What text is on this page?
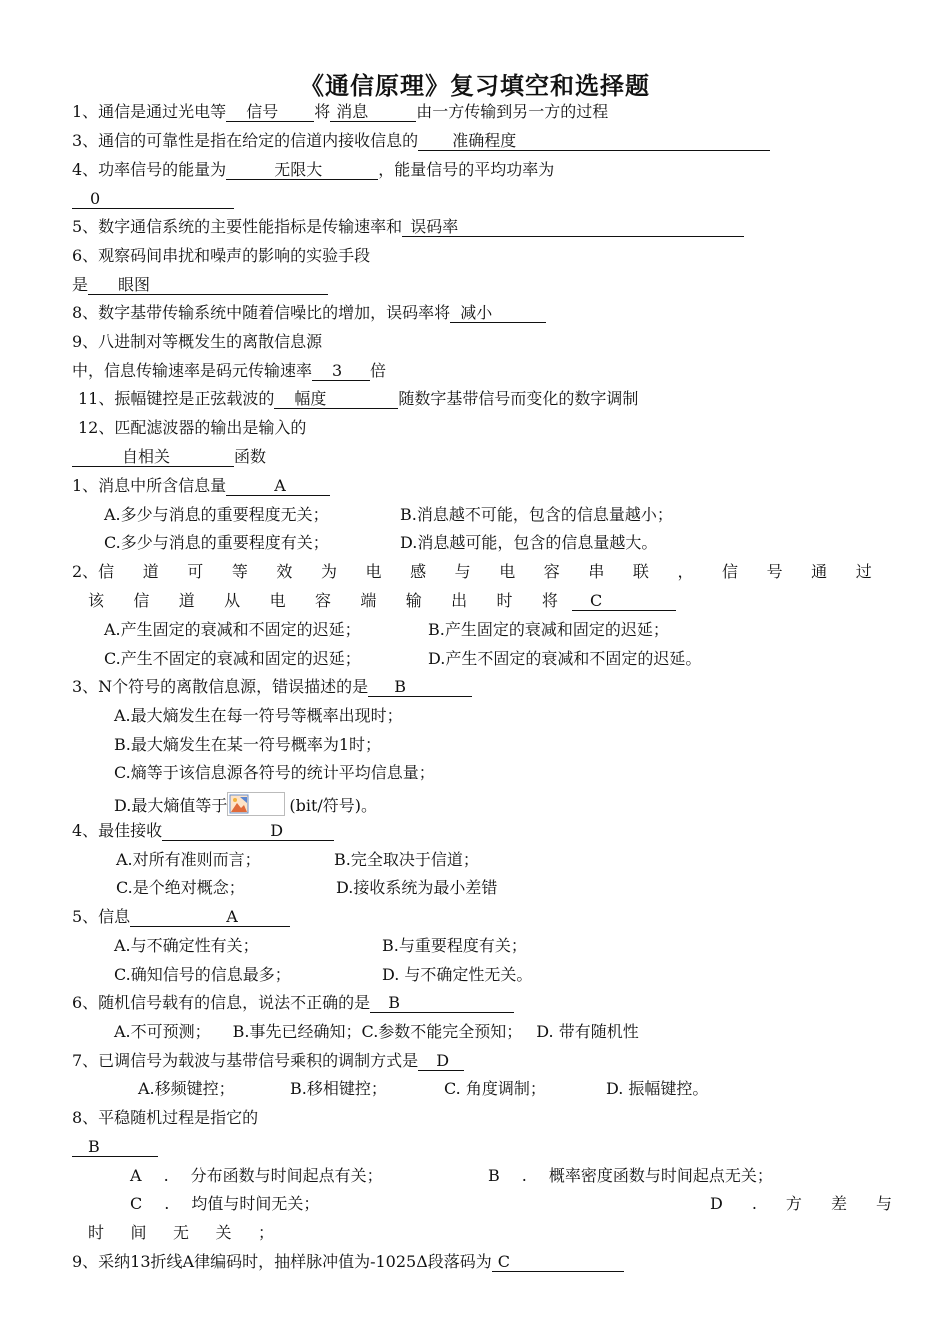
《通信原理》复习填空和选择题
1、通信是通过光电等 信号 将 消息	由一方传输到另一方的过程
3、通信的可靠性是指在给定的信道内接收信息的 准确程度
4、功率信号的能量为	无限大	，能量信号的平均功率为
0
5、数字通信系统的主要性能指标是传输速率和 误码率
6、观察码间串扰和噪声的影响的实验手段
是 眼图
8、数字基带传输系统中随着信噪比的增加，误码率将 减小
9、八进制对等概发生的离散信息源
中，信息传输速率是码元传输速率 3 倍
11、振幅键控是正弦载波的 幅度	随数字基带信号而变化的数字调制
12、匹配滤波器的输出是输入的
自相关	函数
1、消息中所含信息量	A
A.多少与消息的重要程度无关；	B.消息越不可能，包含的信息量越小；
C.多少与消息的重要程度有关；	D.消息越可能，包含的信息量越大。
2、信 道 可 等 效 为 电 感 与 电 容 串 联 ， 信 号 通 过
该 信 道 从 电 容 端 输 出 时 将 C
A.产生固定的衰减和不固定的迟延；	B.产生固定的衰减和固定的迟延；
C.产生不固定的衰减和固定的迟延；	D.产生不固定的衰减和不固定的迟延。
3、N个符号的离散信息源，错误描述的是 B
A.最大熵发生在每一符号等概率出现时；
B.最大熵发生在某一符号概率为1时；
C.熵等于该信息源各符号的统计平均信息量；
D.最大熵值等于	(bit/符号)。
4、最佳接收	D
A.对所有准则而言；	B.完全取决于信道；
C.是个绝对概念；	D.接收系统为最小差错
5、信息	A
A.与不确定性有关；	B.与重要程度有关；
C.确知信号的信息最多；	D. 与不确定性无关。
6、随机信号载有的信息，说法不正确的是 B
A.不可预测； B.事先已经确知；C.参数不能完全预知； D. 带有随机性
7、已调信号为载波与基带信号乘积的调制方式是 D
A.移频键控；	B.移相键控；	C. 角度调制；	D. 振幅键控。
8、平稳随机过程是指它的
B
A . 分布函数与时间起点有关；	B . 概率密度函数与时间起点无关；
C . 均值与时间无关；	D . 方 差 与
时 间 无 关 ；
9、采纳13折线A律编码时，抽样脉冲值为-1025Δ段落码为 C
